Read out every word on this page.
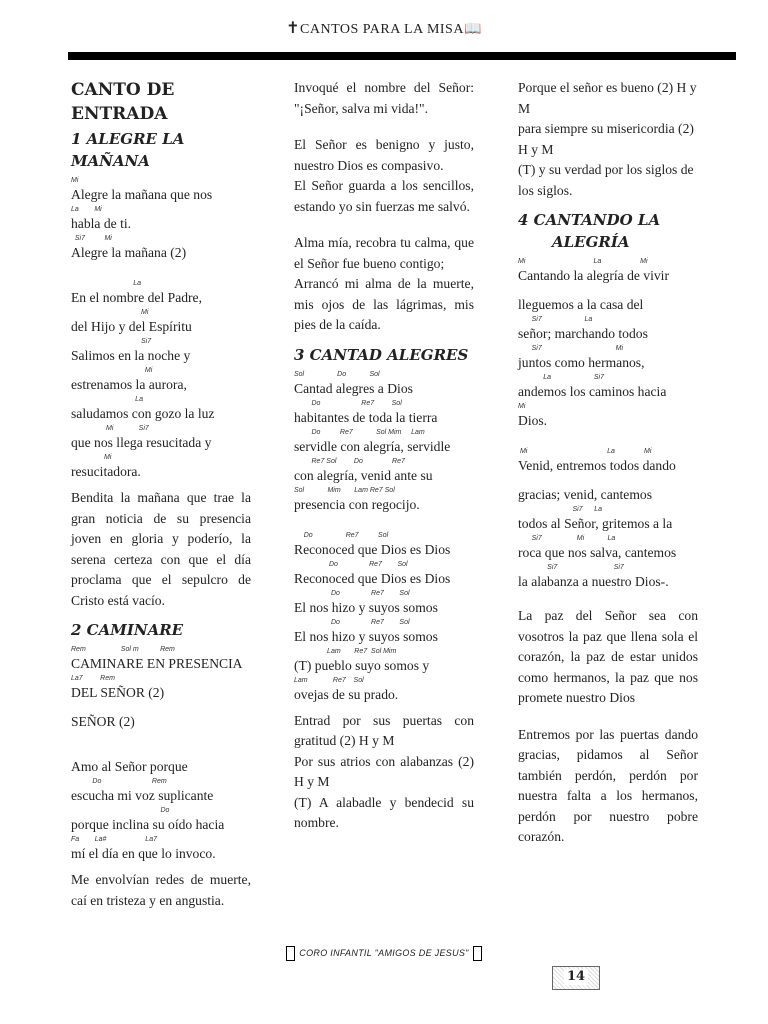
✝CANTOS PARA LA MISA📖
CANTO DE ENTRADA
1 ALEGRE LA MAÑANA
Mi
Alegre la mañana que nos
La        Mi
habla de ti.
Si7          Mi
Alegre la mañana (2)
La
En el nombre del Padre,
Mi
del Hijo y del Espíritu
Si7
Salimos en la noche y
Mi
estrenamos la aurora,
La
saludamos con gozo la luz
Mi             Si7
que nos llega resucitada y
Mi
resucitadora.

Bendita la mañana que trae la gran noticia de su presencia joven en gloria y poderío, la serena certeza con que el día proclama que el sepulcro de Cristo está vacío.

2 CAMINARE
Rem                  Sol m           Rem
CAMINARE EN PRESENCIA
La7         Rem
DEL SEÑOR (2)
SEÑOR (2)
Amo al Señor porque
Do                          Rem
escucha mi voz suplicante
Do
porque inclina su oído hacia
Fa        La#                    La7
mí el día en que lo invoco.

Me envolvían redes de muerte, caí en tristeza y en angustia.

Invoqué el nombre del Señor: "¡Señor, salva mi vida!".

El Señor es benigno y justo, nuestro Dios es compasivo.

El Señor guarda a los sencillos, estando yo sin fuerzas me salvó.

Alma mía, recobra tu calma, que el Señor fue bueno contigo;

Arrancó mi alma de la muerte, mis ojos de las lágrimas, mis pies de la caída.

3 CANTAD ALEGRES
Sol                 Do            Sol
Cantad alegres a Dios
Do                     Re7         Sol
habitantes de toda la tierra
Do          Re7            Sol Mim     Lam
servidle con alegría, servidle
Re7 Sol         Do               Re7
con alegría, venid ante su
Sol            Mim       Lam Re7 Sol
presencia con regocijo.
Do                 Re7          Sol
Reconoced que Dios es Dios
Do                Re7        Sol
Reconoced que Dios es Dios
Do                Re7        Sol
El nos hizo y suyos somos
Do                Re7        Sol
El nos hizo y suyos somos
Lam       Re7  Sol Mim
(T) pueblo suyo somos y
Lam             Re7    Sol
ovejas de su prado.

Entrad por sus puertas con gratitud (2) H y M

Por sus atrios con alabanzas (2) H y M

(T) A alabadle y bendecid su nombre.

Porque el señor es bueno (2) H y M
para siempre su misericordia (2) H y M
(T) y su verdad por los siglos de los siglos.
4 CANTANDO LA
ALEGRÍA
Mi                                   La                    Mi
Cantando la alegría de vivir
lleguemos a la casa del
Si7                      La
señor; marchando todos
Si7                                      Mi
juntos como hermanos,
La                      Si7
andemos los caminos hacia
Mi
Dios.
Mi                                         La               Mi
Venid, entremos todos dando
gracias; venid, cantemos
Si7      La
todos al Señor, gritemos a la
Si7                  Mi            La
roca que nos salva, cantemos
Si7                             Si7
la alabanza a nuestro Dios-.

La paz del Señor sea con vosotros la paz que llena sola el corazón, la paz de estar unidos como hermanos, la paz que nos promete nuestro Dios

Entremos por las puertas dando gracias, pidamos al Señor también perdón, perdón por nuestra falta a los hermanos, perdón por nuestro pobre corazón.

CORO INFANTIL "AMIGOS DE JESUS"
14
